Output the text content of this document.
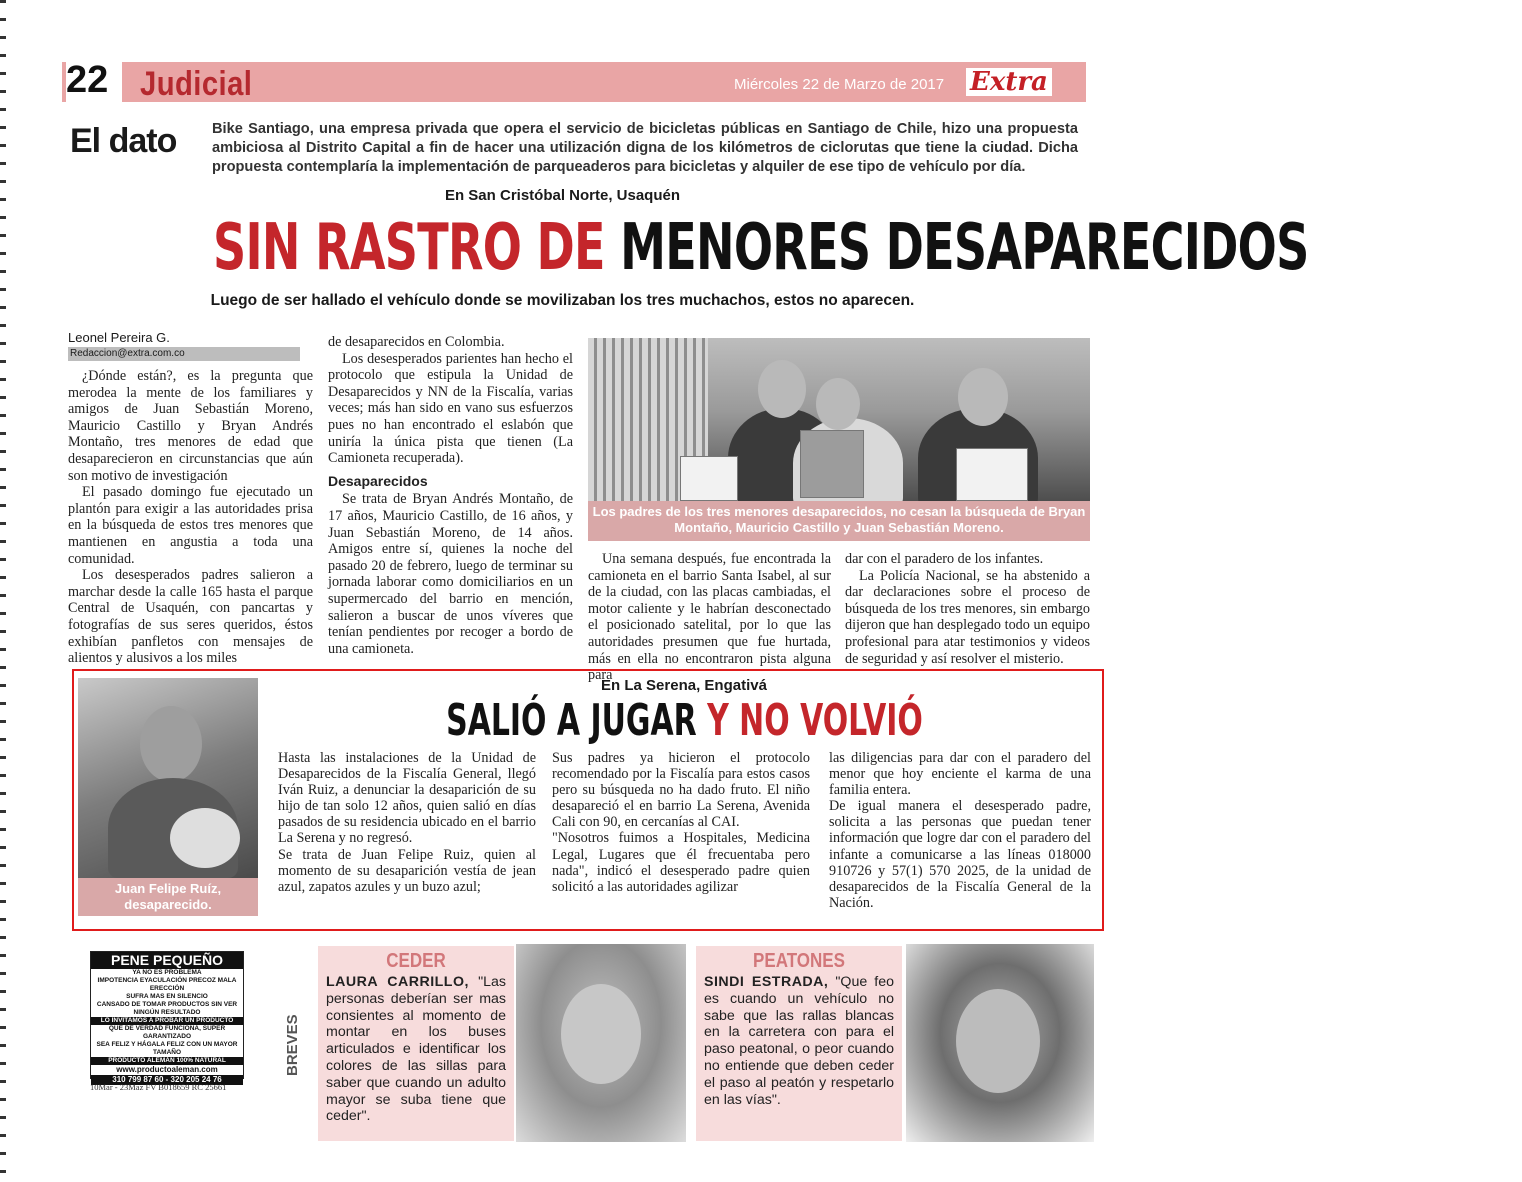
22 Judicial	Miércoles 22 de Marzo de 2017 Extra
El dato Bike Santiago, una empresa privada que opera el servicio de bicicletas públicas en Santiago de Chile, hizo una propuesta ambiciosa al Distrito Capital a fin de hacer una utilización digna de los kilómetros de ciclorutas que tiene la ciudad. Dicha propuesta contemplaría la implementación de parqueaderos para bicicletas y alquiler de ese tipo de vehículo por día.
En San Cristóbal Norte, Usaquén
SIN RASTRO DE MENORES DESAPARECIDOS
Luego de ser hallado el vehículo donde se movilizaban los tres muchachos, estos no aparecen.
Leonel Pereira G.
Redaccion@extra.com.co

¿Dónde están?, es la pregunta que merodea la mente de los familiares y amigos de Juan Sebastián Moreno, Mauricio Castillo y Bryan Andrés Montaño, tres menores de edad que desaparecieron en circunstancias que aún son motivo de investigación

El pasado domingo fue ejecutado un plantón para exigir a las autoridades prisa en la búsqueda de estos tres menores que mantienen en angustia a toda una comunidad.

Los desesperados padres salieron a marchar desde la calle 165 hasta el parque Central de Usaquén, con pancartas y fotografías de sus seres queridos, éstos exhibían panfletos con mensajes de alientos y alusivos a los miles

de desaparecidos en Colombia.

Los desesperados parientes han hecho el protocolo que estipula la Unidad de Desaparecidos y NN de la Fiscalía, varias veces; más han sido en vano sus esfuerzos pues no han encontrado el eslabón que uniría la única pista que tienen (La Camioneta recuperada).

Desaparecidos

Se trata de Bryan Andrés Montaño, de 17 años, Mauricio Castillo, de 16 años, y Juan Sebastián Moreno, de 14 años. Amigos entre sí, quienes la noche del pasado 20 de febrero, luego de terminar su jornada laborar como domiciliarios en un supermercado del barrio en mención, salieron a buscar de unos víveres que tenían pendientes por recoger a bordo de una camioneta.

Los padres de los tres menores desaparecidos, no cesan la búsqueda de Bryan Montaño, Mauricio Castillo y Juan Sebastián Moreno.

Una semana después, fue encontrada la camioneta en el barrio Santa Isabel, al sur de la ciudad, con las placas cambiadas, el motor caliente y le habrían desconectado el posicionado satelital, por lo que las autoridades presumen que fue hurtada, más en ella no encontraron pista alguna para

dar con el paradero de los infantes.

La Policía Nacional, se ha abstenido a dar declaraciones sobre el proceso de búsqueda de los tres menores, sin embargo dijeron que han desplegado todo un equipo profesional para atar testimonios y videos de seguridad y así resolver el misterio.

Juan Felipe Ruíz, desaparecido.
En La Serena, Engativá
SALIÓ A JUGAR Y NO VOLVIÓ

Hasta las instalaciones de la Unidad de Desaparecidos de la Fiscalía General, llegó Iván Ruiz, a denunciar la desaparición de su hijo de tan solo 12 años, quien salió en días pasados de su residencia ubicado en el barrio La Serena y no regresó.

Se trata de Juan Felipe Ruiz, quien al momento de su desaparición vestía de jean azul, zapatos azules y un buzo azul;

Sus padres ya hicieron el protocolo recomendado por la Fiscalía para estos casos pero su búsqueda no ha dado fruto. El niño desapareció el en barrio La Serena, Avenida Cali con 90, en cercanías al CAI.

"Nosotros fuimos a Hospitales, Medicina Legal, Lugares que él frecuentaba pero nada", indicó el desesperado padre quien solicitó a las autoridades agilizar

las diligencias para dar con el paradero del menor que hoy enciente el karma de una familia entera.

De igual manera el desesperado padre, solicita a las personas que puedan tener información que logre dar con el paradero del infante a comunicarse a las líneas 018000 910726 y 57(1) 570 2025, de la unidad de desaparecidos de la Fiscalía General de la Nación.

PENE PEQUEÑO
YA NO ES PROBLEMA
IMPOTENCIA EYACULACIÓN PRECOZ MALA ERECCIÓN
SUFRA MAS EN SILENCIO
CANSADO DE TOMAR PRODUCTOS SIN VER NINGÚN RESULTADO
LO INVITAMOS A PROBAR UN PRODUCTO
QUE DE VERDAD FUNCIONA, SÚPER GARANTIZADO
SEA FELIZ Y HÁGALA FELIZ CON UN MAYOR TAMAÑO
PRODUCTO ALEMÁN 100% NATURAL
www.productoaleman.com
310 799 87 60 - 320 205 24 76
10Mar - 23Maz FV B018659 RC 25661
BREVES
CEDER
LAURA CARRILLO, "Las personas deberían ser mas consientes al momento de montar en los buses articulados e identificar los colores de las sillas para saber que cuando un adulto mayor se suba tiene que ceder".
PEATONES
SINDI ESTRADA, "Que feo es cuando un vehículo no sabe que las rallas blancas en la carretera con para el paso peatonal, o peor cuando no entiende que deben ceder el paso al peatón y respetarlo en las vías".
